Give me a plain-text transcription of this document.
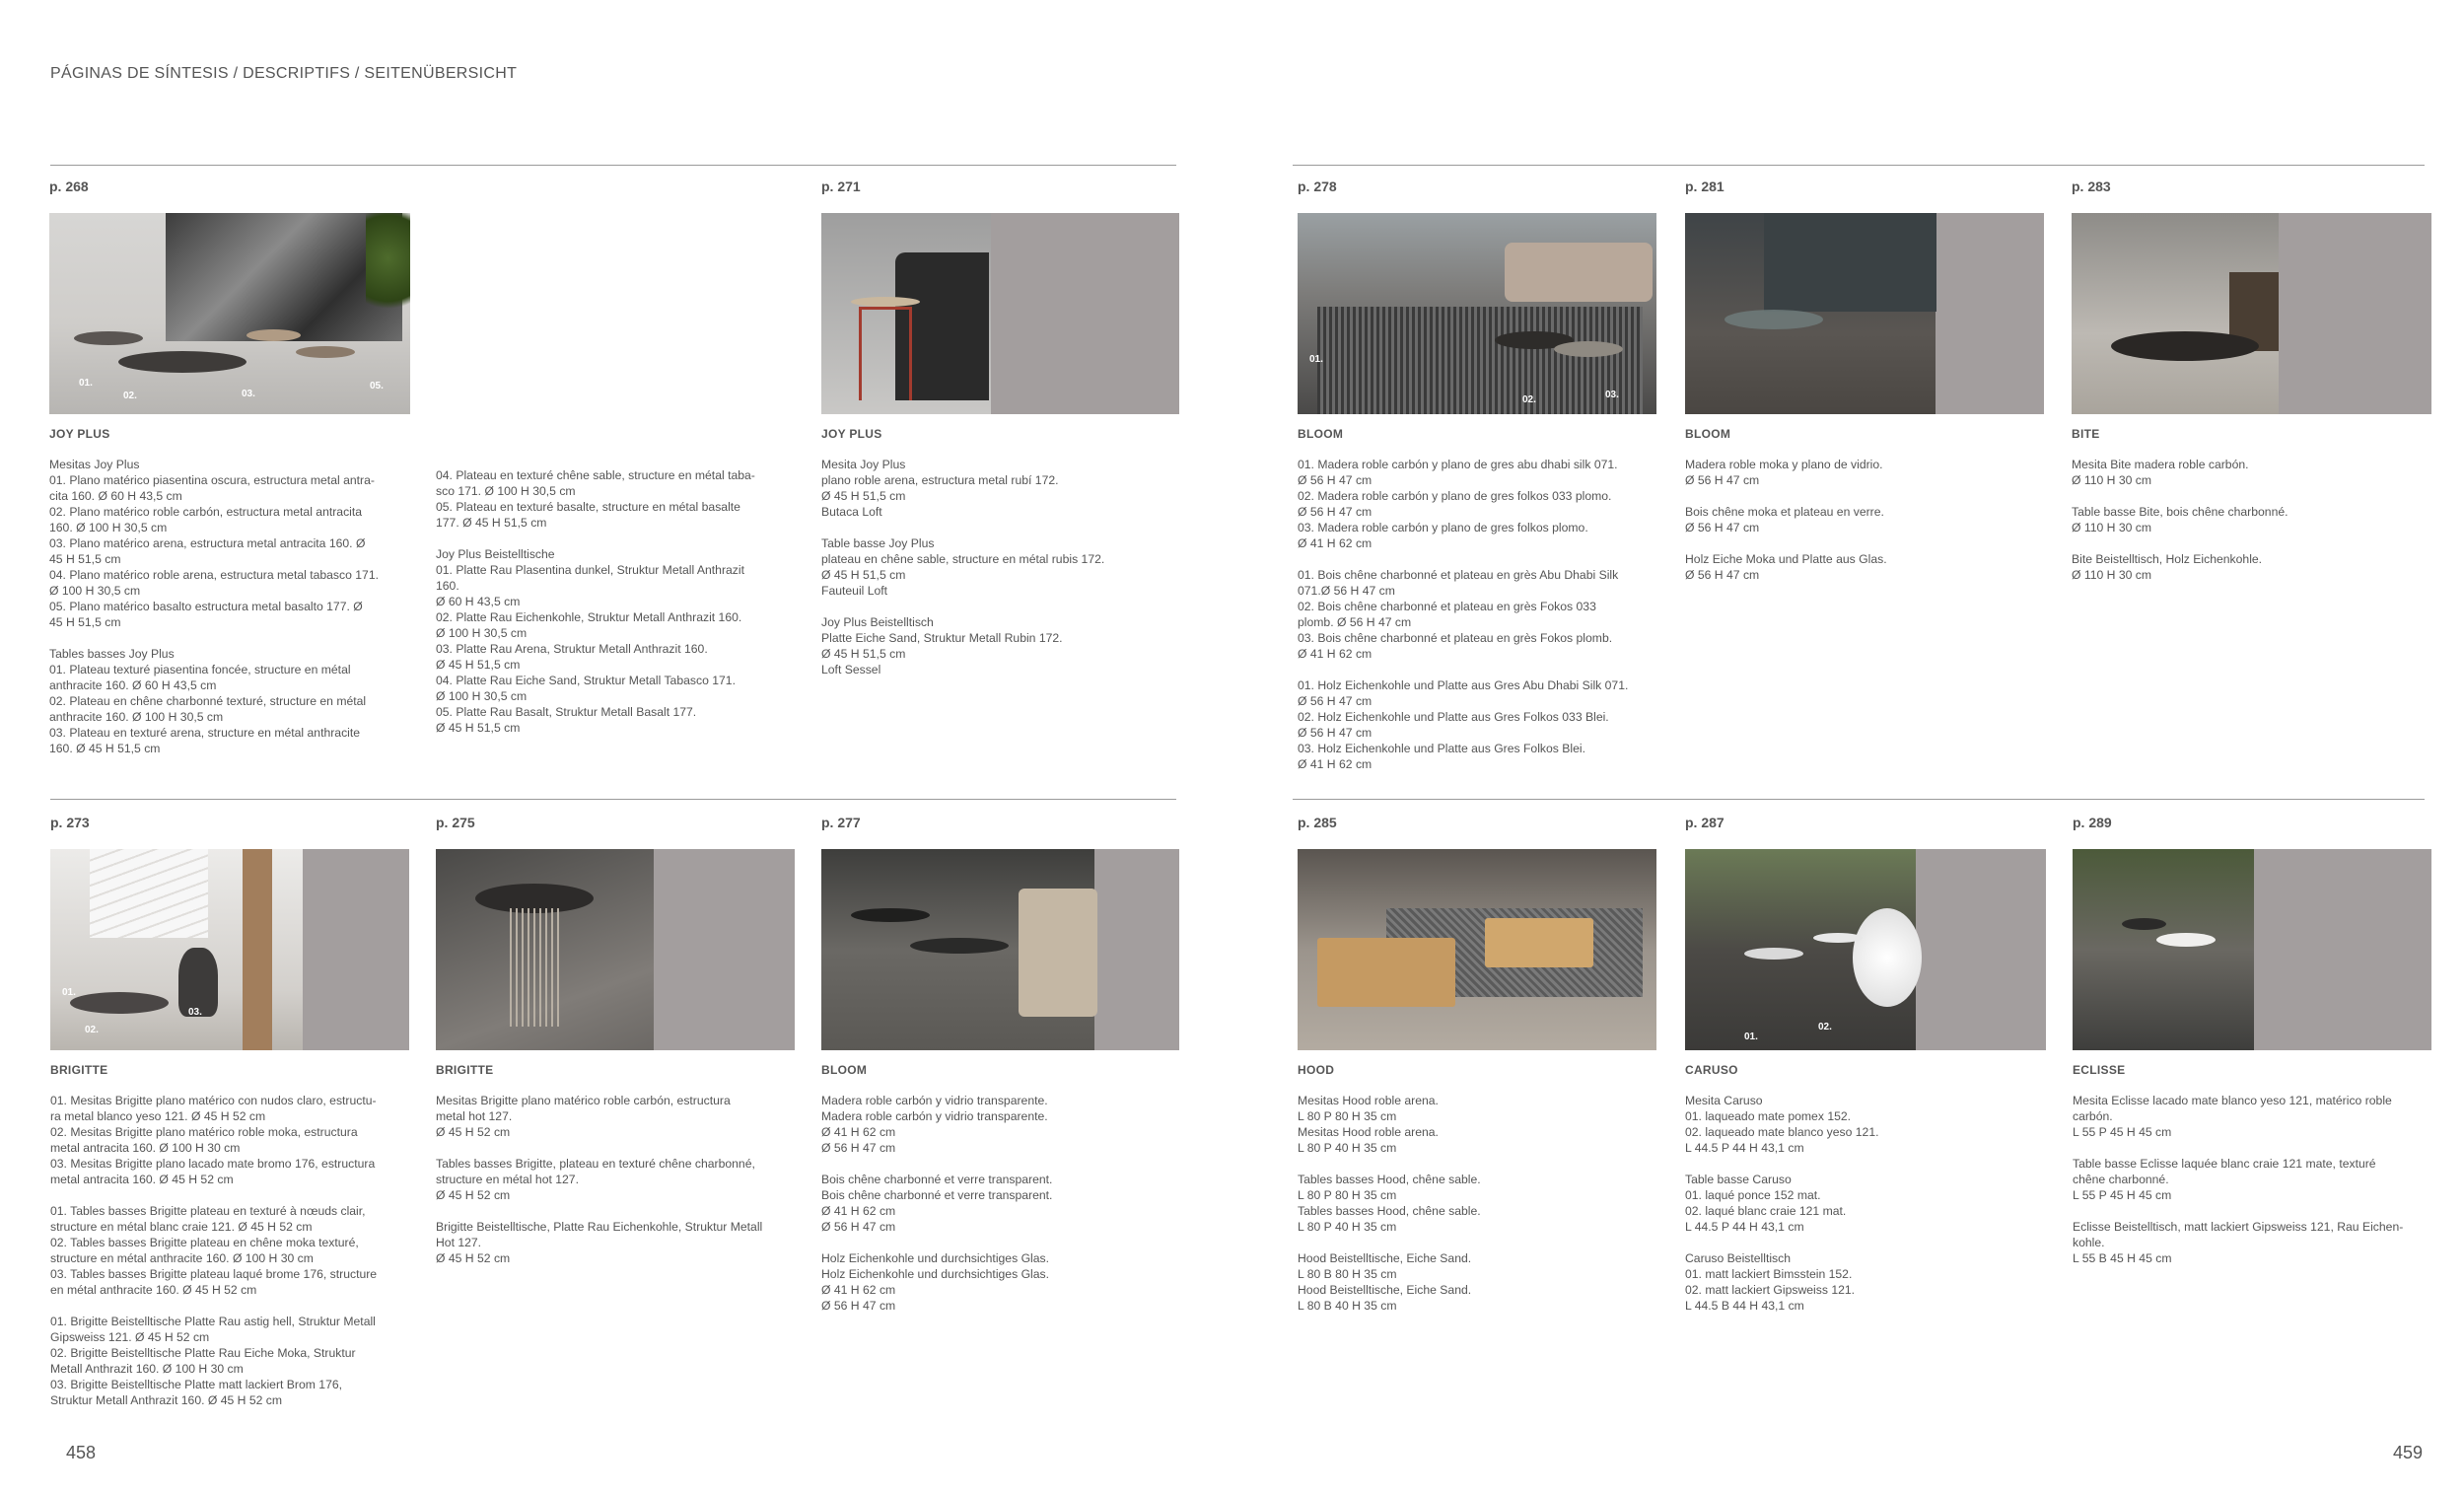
PÁGINAS DE SÍNTESIS / DESCRIPTIFS / SEITENÜBERSICHT
p. 268
01.
02.	03.
05.
JOY PLUS
Mesitas Joy Plus
01. Plano matérico piasentina oscura, estructura metal antra-
cita 160. Ø 60 H 43,5 cm
02. Plano matérico roble carbón, estructura metal antracita
160. Ø 100 H 30,5 cm
03. Plano matérico arena, estructura metal antracita 160. Ø
45 H 51,5 cm
04. Plano matérico roble arena, estructura metal tabasco 171.
Ø 100 H 30,5 cm
05. Plano matérico basalto estructura metal basalto 177. Ø
45 H 51,5 cm

Tables basses Joy Plus
01. Plateau texturé piasentina foncée, structure en métal
anthracite 160. Ø 60 H 43,5 cm
02. Plateau en chêne charbonné texturé, structure en métal
anthracite 160. Ø 100 H 30,5 cm
03. Plateau en texturé arena, structure en métal anthracite
160. Ø 45 H 51,5 cm
04. Plateau en texturé chêne sable, structure en métal taba-
sco 171. Ø 100 H 30,5 cm
05. Plateau en texturé basalte, structure en métal basalte
177. Ø 45 H 51,5 cm

Joy Plus Beistelltische
01. Platte Rau Plasentina dunkel, Struktur Metall Anthrazit
160.
Ø 60 H 43,5 cm
02. Platte Rau Eichenkohle, Struktur Metall Anthrazit 160.
Ø 100 H 30,5 cm
03. Platte Rau Arena, Struktur Metall Anthrazit 160.
Ø 45 H 51,5 cm
04. Platte Rau Eiche Sand, Struktur Metall Tabasco 171.
Ø 100 H 30,5 cm
05. Platte Rau Basalt, Struktur Metall Basalt 177.
Ø 45 H 51,5 cm
p. 271
JOY PLUS
Mesita Joy Plus
plano roble arena, estructura metal rubí 172.
Ø 45 H 51,5 cm
Butaca Loft

Table basse Joy Plus
plateau en chêne sable, structure en métal rubis 172.
Ø 45 H 51,5 cm
Fauteuil Loft

Joy Plus Beistelltisch
Platte Eiche Sand, Struktur Metall Rubin 172.
Ø 45 H 51,5 cm
Loft Sessel
p. 278
01.
02.	03.
BLOOM
01. Madera roble carbón y plano de gres abu dhabi silk 071.
Ø 56 H 47 cm
02. Madera roble carbón y plano de gres folkos 033 plomo.
Ø 56 H 47 cm
03. Madera roble carbón y plano de gres folkos plomo.
Ø 41 H 62 cm

01. Bois chêne charbonné et plateau en grès Abu Dhabi Silk
071.Ø 56 H 47 cm
02. Bois chêne charbonné et plateau en grès Fokos 033
plomb. Ø 56 H 47 cm
03. Bois chêne charbonné et plateau en grès Fokos plomb.
Ø 41 H 62 cm

01. Holz Eichenkohle und Platte aus Gres Abu Dhabi Silk 071.
Ø 56 H 47 cm
02. Holz Eichenkohle und Platte aus Gres Folkos 033 Blei.
Ø 56 H 47 cm
03. Holz Eichenkohle und Platte aus Gres Folkos Blei.
Ø 41 H 62 cm
p. 281
BLOOM
Madera roble moka y plano de vidrio.
Ø 56 H 47 cm

Bois chêne moka et plateau en verre.
Ø 56 H 47 cm

Holz Eiche Moka und Platte aus Glas.
Ø 56 H 47 cm
p. 283
BITE
Mesita Bite madera roble carbón.
Ø 110 H 30 cm

Table basse Bite, bois chêne charbonné.
Ø 110 H 30 cm

Bite Beistelltisch, Holz Eichenkohle.
Ø 110 H 30 cm
p. 273
01.
02.
03.
BRIGITTE
01. Mesitas Brigitte plano matérico con nudos claro, estructu-
ra metal blanco yeso 121. Ø 45 H 52 cm
02. Mesitas Brigitte plano matérico roble moka, estructura
metal antracita 160. Ø 100 H 30 cm
03. Mesitas Brigitte plano lacado mate bromo 176, estructura
metal antracita 160. Ø 45 H 52 cm

01. Tables basses Brigitte plateau en texturé à nœuds clair,
structure en métal blanc craie 121. Ø 45 H 52 cm
02. Tables basses Brigitte plateau en chêne moka texturé,
structure en métal anthracite 160. Ø 100 H 30 cm
03. Tables basses Brigitte plateau laqué brome 176, structure
en métal anthracite 160. Ø 45 H 52 cm

01. Brigitte Beistelltische Platte Rau astig hell, Struktur Metall
Gipsweiss 121. Ø 45 H 52 cm
02. Brigitte Beistelltische Platte Rau Eiche Moka, Struktur
Metall Anthrazit 160. Ø 100 H 30 cm
03. Brigitte Beistelltische Platte matt lackiert Brom 176,
Struktur Metall Anthrazit 160. Ø 45 H 52 cm
p. 275
BRIGITTE
Mesitas Brigitte plano matérico roble carbón, estructura
metal hot 127.
Ø 45 H 52 cm

Tables basses Brigitte, plateau en texturé chêne charbonné,
structure en métal hot 127.
Ø 45 H 52 cm

Brigitte Beistelltische, Platte Rau Eichenkohle, Struktur Metall
Hot 127.
Ø 45 H 52 cm
p. 277
BLOOM
Madera roble carbón y vidrio transparente.
Madera roble carbón y vidrio transparente.
Ø 41 H 62 cm
Ø 56 H 47 cm

Bois chêne charbonné et verre transparent.
Bois chêne charbonné et verre transparent.
Ø 41 H 62 cm
Ø 56 H 47 cm

Holz Eichenkohle und durchsichtiges Glas.
Holz Eichenkohle und durchsichtiges Glas.
Ø 41 H 62 cm
Ø 56 H 47 cm
p. 285
HOOD
Mesitas Hood roble arena.
L 80 P 80 H 35 cm
Mesitas Hood roble arena.
L 80 P 40 H 35 cm

Tables basses Hood, chêne sable.
L 80 P 80 H 35 cm
Tables basses Hood, chêne sable.
L 80 P 40 H 35 cm

Hood Beistelltische, Eiche Sand.
L 80 B 80 H 35 cm
Hood Beistelltische, Eiche Sand.
L 80 B 40 H 35 cm
p. 287
01.
02.
CARUSO
Mesita Caruso
01. laqueado mate pomex 152.
02. laqueado mate blanco yeso 121.
L 44.5 P 44 H 43,1 cm

Table basse Caruso
01. laqué ponce 152 mat.
02. laqué blanc craie 121 mat.
L 44.5 P 44 H 43,1 cm

Caruso Beistelltisch
01. matt lackiert Bimsstein 152.
02. matt lackiert Gipsweiss 121.
L 44.5 B 44 H 43,1 cm
p. 289
ECLISSE
Mesita Eclisse lacado mate blanco yeso 121, matérico roble
carbón.
L 55 P 45 H 45 cm

Table basse Eclisse laquée blanc craie 121 mate, texturé
chêne charbonné.
L 55 P 45 H 45 cm

Eclisse Beistelltisch, matt lackiert Gipsweiss 121, Rau Eichen-
kohle.
L 55 B 45 H 45 cm
458	459
